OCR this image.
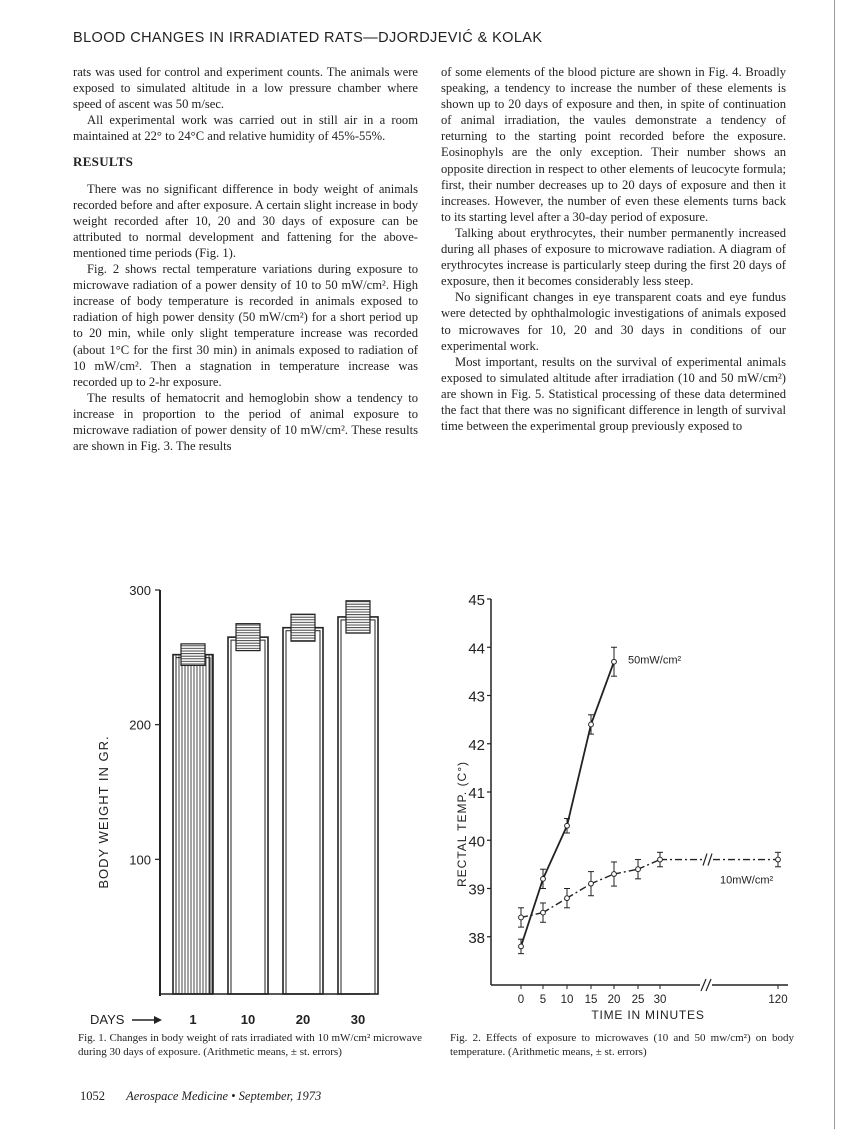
BLOOD CHANGES IN IRRADIATED RATS—DJORDJEVIĆ & KOLAK

rats was used for control and experiment counts. The animals were exposed to simulated altitude in a low pressure chamber where speed of ascent was 50 m/sec.

All experimental work was carried out in still air in a room maintained at 22° to 24°C and relative humidity of 45%-55%.

RESULTS

There was no significant difference in body weight of animals recorded before and after exposure. A certain slight increase in body weight recorded after 10, 20 and 30 days of exposure can be attributed to normal development and fattening for the above-mentioned time periods (Fig. 1).

Fig. 2 shows rectal temperature variations during exposure to microwave radiation of a power density of 10 to 50 mW/cm². High increase of body temperature is recorded in animals exposed to radiation of high power density (50 mW/cm²) for a short period up to 20 min, while only slight temperature increase was recorded (about 1°C for the first 30 min) in animals exposed to radiation of 10 mW/cm². Then a stagnation in temperature increase was recorded up to 2-hr exposure.

The results of hematocrit and hemoglobin show a tendency to increase in proportion to the period of animal exposure to microwave radiation of power density of 10 mW/cm². These results are shown in Fig. 3. The results

of some elements of the blood picture are shown in Fig. 4. Broadly speaking, a tendency to increase the number of these elements is shown up to 20 days of exposure and then, in spite of continuation of animal irradiation, the vaules demonstrate a tendency of returning to the starting point recorded before the exposure. Eosinophyls are the only exception. Their number shows an opposite direction in respect to other elements of leucocyte formula; first, their number decreases up to 20 days of exposure and then it increases. However, the number of even these elements turns back to its starting level after a 30-day period of exposure.

Talking about erythrocytes, their number permanently increased during all phases of exposure to microwave radiation. A diagram of erythrocytes increase is particularly steep during the first 20 days of exposure, then it becomes considerably less steep.

No significant changes in eye transparent coats and eye fundus were detected by ophthalmologic investigations of animals exposed to microwaves for 10, 20 and 30 days in conditions of our experimental work.

Most important, results on the survival of experimental animals exposed to simulated altitude after irradiation (10 and 50 mW/cm²) are shown in Fig. 5. Statistical processing of these data determined the fact that there was no significant difference in length of survival time between the experimental group previously exposed to

BODY WEIGHT IN GR. 100
200
300
1	10	20	30
DAYS
RECTAL TEMP. (C°)
38
39
40
41
42
43
44
45
0 5 10 15 20 25 30	120
50mW/cm²
10mW/cm²
TIME IN MINUTES
Fig. 1. Changes in body weight of rats irradiated with 10 mW/cm² microwave during 30 days of exposure. (Arithmetic means, ± st. errors)
Fig. 2. Effects of exposure to microwaves (10 and 50 mw/cm²) on body temperature. (Arithmetic means, ± st. errors)
1052 Aerospace Medicine • September, 1973
